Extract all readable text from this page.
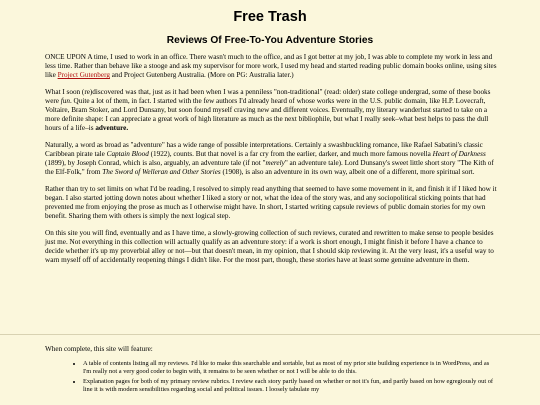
Free Trash
Reviews Of Free-To-You Adventure Stories

ONCE UPON A time, I used to work in an office. There wasn't much to the office, and as I got better at my job, I was able to complete my work in less and less time. Rather than behave like a stooge and ask my supervisor for more work, I used my head and started reading public domain books online, using sites like Project Gutenberg and Project Gutenberg Australia. (More on PG: Australia later.)

What I soon (re)discovered was that, just as it had been when I was a penniless "non-traditional" (read: older) state college undergrad, some of these books were fun. Quite a lot of them, in fact. I started with the few authors I'd already heard of whose works were in the U.S. public domain, like H.P. Lovecraft, Voltaire, Bram Stoker, and Lord Dunsany, but soon found myself craving new and different voices. Eventually, my literary wanderlust started to take on a more definite shape: I can appreciate a great work of high literature as much as the next bibliophile, but what I really seek–what best helps to pass the dull hours of a life–is adventure.

Naturally, a word as broad as "adventure" has a wide range of possible interpretations. Certainly a swashbuckling romance, like Rafael Sabatini's classic Caribbean pirate tale Captain Blood (1922), counts. But that novel is a far cry from the earlier, darker, and much more famous novella Heart of Darkness (1899), by Joseph Conrad, which is also, arguably, an adventure tale (if not "merely" an adventure tale). Lord Dunsany's sweet little short story "The Kith of the Elf-Folk," from The Sword of Welleran and Other Stories (1908), is also an adventure in its own way, albeit one of a different, more spiritual sort.

Rather than try to set limits on what I'd be reading, I resolved to simply read anything that seemed to have some movement in it, and finish it if I liked how it began. I also started jotting down notes about whether I liked a story or not, what the idea of the story was, and any sociopolitical sticking points that had prevented me from enjoying the prose as much as I otherwise might have. In short, I started writing capsule reviews of public domain stories for my own benefit. Sharing them with others is simply the next logical step.

On this site you will find, eventually and as I have time, a slowly-growing collection of such reviews, curated and rewritten to make sense to people besides just me. Not everything in this collection will actually qualify as an adventure story: if a work is short enough, I might finish it before I have a chance to decide whether it's up my proverbial alley or not—but that doesn't mean, in my opinion, that I should skip reviewing it. At the very least, it's a useful way to warn myself off of accidentally reopening things I didn't like. For the most part, though, these stories have at least some genuine adventure in them.

When complete, this site will feature:

• A table of contents listing all my reviews. I'd like to make this searchable and sortable, but as most of my prior site building experience is in WordPress, and as I'm really not a very good coder to begin with, it remains to be seen whether or not I will be able to do this.
• Explanation pages for both of my primary review rubrics. I review each story partly based on whether or not it's fun, and partly based on how egregiously out of line it is with modern sensibilities regarding social and political issues. I loosely tabulate my
